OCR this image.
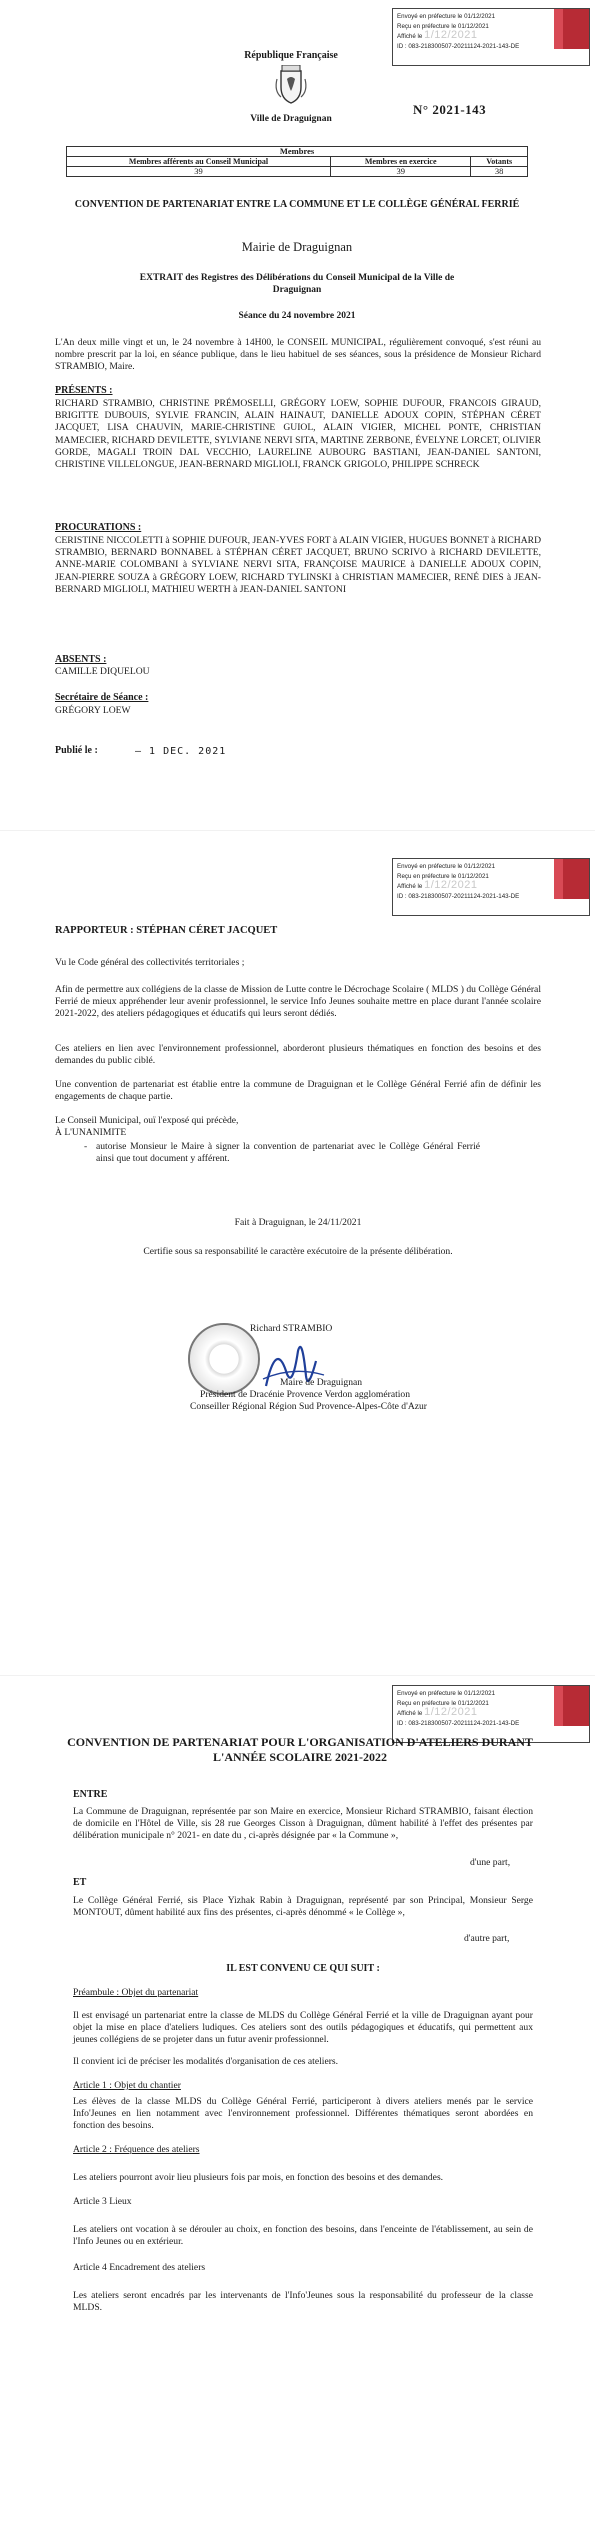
Envoyé en préfecture le 01/12/2021
Reçu en préfecture le 01/12/2021
Affiché le 1/12/2021
ID : 083-218300507-20211124-2021-143-DE
République Française
Ville de Draguignan
N° 2021-143
Membres		
Membres afférents au Conseil Municipal	Membres en exercice	Votants
39	39	38
CONVENTION DE PARTENARIAT ENTRE LA COMMUNE ET LE COLLÈGE GÉNÉRAL FERRIÉ
Mairie de Draguignan
EXTRAIT des Registres des Délibérations du Conseil Municipal de la Ville de Draguignan
Séance du 24 novembre 2021
L'An deux mille vingt et un, le 24 novembre à 14H00, le CONSEIL MUNICIPAL, régulièrement convoqué, s'est réuni au nombre prescrit par la loi, en séance publique, dans le lieu habituel de ses séances, sous la présidence de Monsieur Richard STRAMBIO, Maire.
PRÉSENTS :
RICHARD STRAMBIO, CHRISTINE PRÉMOSELLI, GRÉGORY LOEW, SOPHIE DUFOUR, FRANCOIS GIRAUD, BRIGITTE DUBOUIS, SYLVIE FRANCIN, ALAIN HAINAUT, DANIELLE ADOUX COPIN, STÉPHAN CÉRET JACQUET, LISA CHAUVIN, MARIE-CHRISTINE GUIOL, ALAIN VIGIER, MICHEL PONTE, CHRISTIAN MAMECIER, RICHARD DEVILETTE, SYLVIANE NERVI SITA, MARTINE ZERBONE, ÉVELYNE LORCET, OLIVIER GORDE, MAGALI TROIN DAL VECCHIO, LAURELINE AUBOURG BASTIANI, JEAN-DANIEL SANTONI, CHRISTINE VILLELONGUE, JEAN-BERNARD MIGLIOLI, FRANCK GRIGOLO, PHILIPPE SCHRECK
PROCURATIONS :
CERISTINE NICCOLETTI à SOPHIE DUFOUR, JEAN-YVES FORT à ALAIN VIGIER, HUGUES BONNET à RICHARD STRAMBIO, BERNARD BONNABEL à STÉPHAN CÉRET JACQUET, BRUNO SCRIVO à RICHARD DEVILETTE, ANNE-MARIE COLOMBANI à SYLVIANE NERVI SITA, FRANÇOISE MAURICE à DANIELLE ADOUX COPIN, JEAN-PIERRE SOUZA à GRÉGORY LOEW, RICHARD TYLINSKI à CHRISTIAN MAMECIER, RENÉ DIES à JEAN-BERNARD MIGLIOLI, MATHIEU WERTH à JEAN-DANIEL SANTONI
ABSENTS :
CAMILLE DIQUELOU
Secrétaire de Séance :
GRÉGORY LOEW
Publié le :	– 1 DEC. 2021
Envoyé en préfecture le 01/12/2021
Reçu en préfecture le 01/12/2021
Affiché le 1/12/2021
ID : 083-218300507-20211124-2021-143-DE
RAPPORTEUR : STÉPHAN CÉRET JACQUET
Vu le Code général des collectivités territoriales ;
Afin de permettre aux collégiens de la classe de Mission de Lutte contre le Décrochage Scolaire ( MLDS ) du Collège Général Ferrié de mieux appréhender leur avenir professionnel, le service Info Jeunes souhaite mettre en place durant l'année scolaire 2021-2022, des ateliers pédagogiques et éducatifs qui leurs seront dédiés.
Ces ateliers en lien avec l'environnement professionnel, aborderont plusieurs thématiques en fonction des besoins et des demandes du public ciblé.
Une convention de partenariat est établie entre la commune de Draguignan et le Collège Général Ferrié afin de définir les engagements de chaque partie.
Le Conseil Municipal, ouï l'exposé qui précède,
À L'UNANIMITE
- autorise Monsieur le Maire à signer la convention de partenariat avec le Collège Général Ferrié ainsi que tout document y afférent.
Fait à Draguignan, le 24/11/2021
Certifie sous sa responsabilité le caractère exécutoire de la présente délibération.
Richard STRAMBIO
Maire de Draguignan
Président de Dracénie Provence Verdon agglomération
Conseiller Régional Région Sud Provence-Alpes-Côte d'Azur
Envoyé en préfecture le 01/12/2021
Reçu en préfecture le 01/12/2021
Affiché le 1/12/2021
ID : 083-218300507-20211124-2021-143-DE
CONVENTION DE PARTENARIAT POUR L'ORGANISATION D'ATELIERS DURANT L'ANNÉE SCOLAIRE 2021-2022
ENTRE
La Commune de Draguignan, représentée par son Maire en exercice, Monsieur Richard STRAMBIO, faisant élection de domicile en l'Hôtel de Ville, sis 28 rue Georges Cisson à Draguignan, dûment habilité à l'effet des présentes par délibération municipale n° 2021- en date du , ci-après désignée par « la Commune »,
d'une part,
ET
Le Collège Général Ferrié, sis Place Yizhak Rabin à Draguignan, représenté par son Principal, Monsieur Serge MONTOUT, dûment habilité aux fins des présentes, ci-après dénommé « le Collège »,
d'autre part,
IL EST CONVENU CE QUI SUIT :
Préambule : Objet du partenariat
Il est envisagé un partenariat entre la classe de MLDS du Collège Général Ferrié et la ville de Draguignan ayant pour objet la mise en place d'ateliers ludiques. Ces ateliers sont des outils pédagogiques et éducatifs, qui permettent aux jeunes collégiens de se projeter dans un futur avenir professionnel.
Il convient ici de préciser les modalités d'organisation de ces ateliers.
Article 1 : Objet du chantier
Les élèves de la classe MLDS du Collège Général Ferrié, participeront à divers ateliers menés par le service Info'Jeunes en lien notamment avec l'environnement professionnel. Différentes thématiques seront abordées en fonction des besoins.
Article 2 : Fréquence des ateliers
Les ateliers pourront avoir lieu plusieurs fois par mois, en fonction des besoins et des demandes.
Article 3 Lieux
Les ateliers ont vocation à se dérouler au choix, en fonction des besoins, dans l'enceinte de l'établissement, au sein de l'Info Jeunes ou en extérieur.
Article 4 Encadrement des ateliers
Les ateliers seront encadrés par les intervenants de l'Info'Jeunes sous la responsabilité du professeur de la classe MLDS.
